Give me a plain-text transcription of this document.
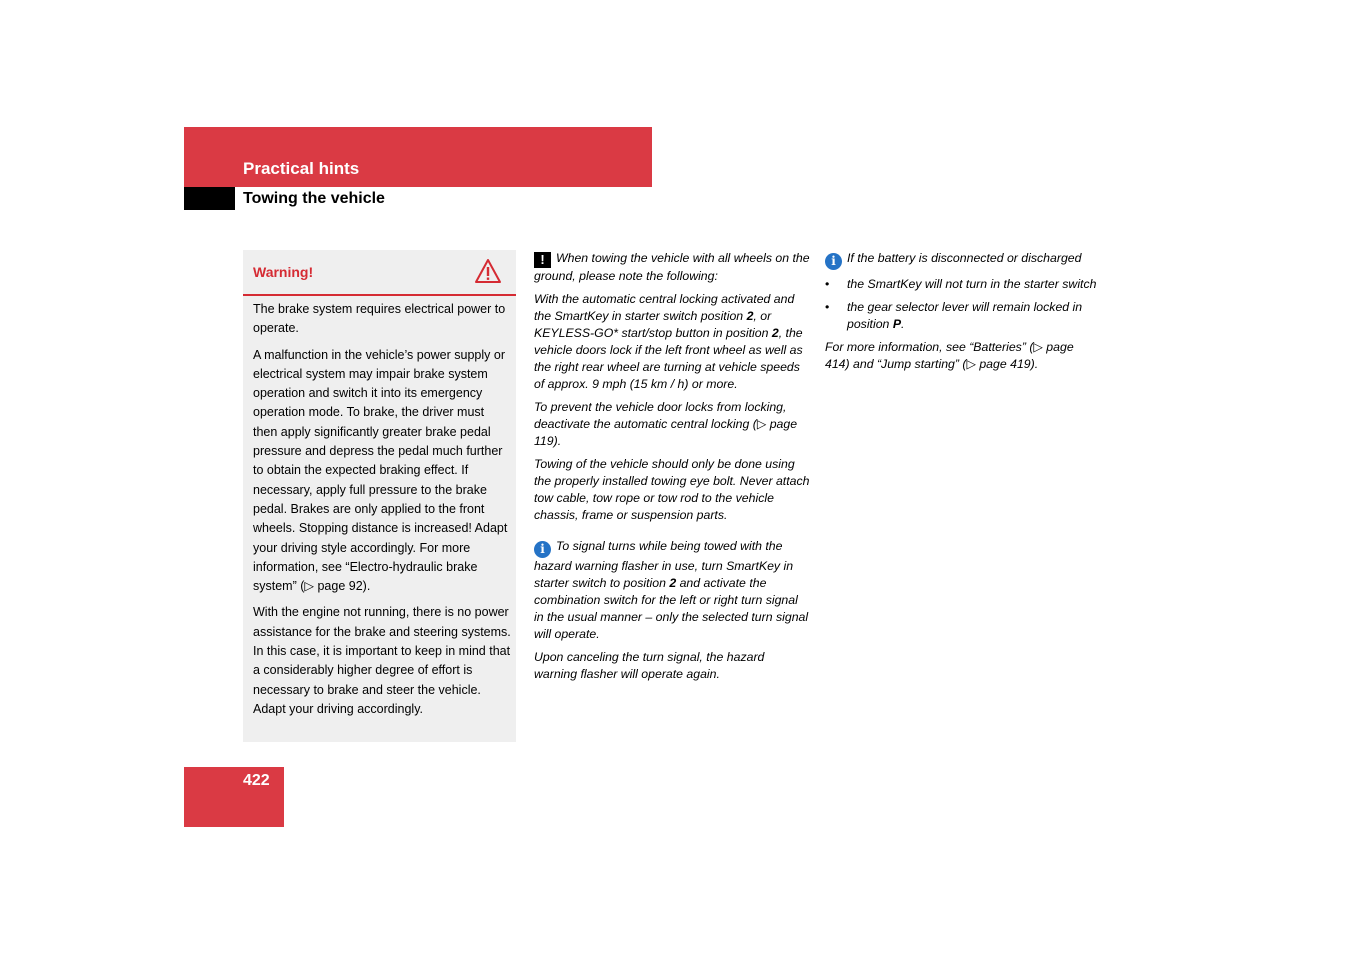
Practical hints
Towing the vehicle
Warning!

The brake system requires electrical power to operate.

A malfunction in the vehicle’s power supply or electrical system may impair brake system operation and switch it into its emergency operation mode. To brake, the driver must then apply significantly greater brake pedal pressure and depress the pedal much further to obtain the expected braking effect. If necessary, apply full pressure to the brake pedal. Brakes are only applied to the front wheels. Stopping distance is increased! Adapt your driving style accordingly. For more information, see “Electro-hydraulic brake system” (▷ page 92).

With the engine not running, there is no power assistance for the brake and steering systems. In this case, it is important to keep in mind that a considerably higher degree of effort is necessary to brake and steer the vehicle. Adapt your driving accordingly.

! When towing the vehicle with all wheels on the ground, please note the following:

With the automatic central locking activated and the SmartKey in starter switch position 2, or KEYLESS-GO* start/stop button in position 2, the vehicle doors lock if the left front wheel as well as the right rear wheel are turning at vehicle speeds of approx. 9 mph (15 km / h) or more.

To prevent the vehicle door locks from locking, deactivate the automatic central locking (▷ page 119).

Towing of the vehicle should only be done using the properly installed towing eye bolt. Never attach tow cable, tow rope or tow rod to the vehicle chassis, frame or suspension parts.

i To signal turns while being towed with the hazard warning flasher in use, turn SmartKey in starter switch to position 2 and activate the combination switch for the left or right turn signal in the usual manner – only the selected turn signal will operate.

Upon canceling the turn signal, the hazard warning flasher will operate again.

i If the battery is disconnected or discharged

• the SmartKey will not turn in the starter switch
• the gear selector lever will remain locked in position P.

For more information, see “Batteries” (▷ page 414) and “Jump starting” (▷ page 419).

422
